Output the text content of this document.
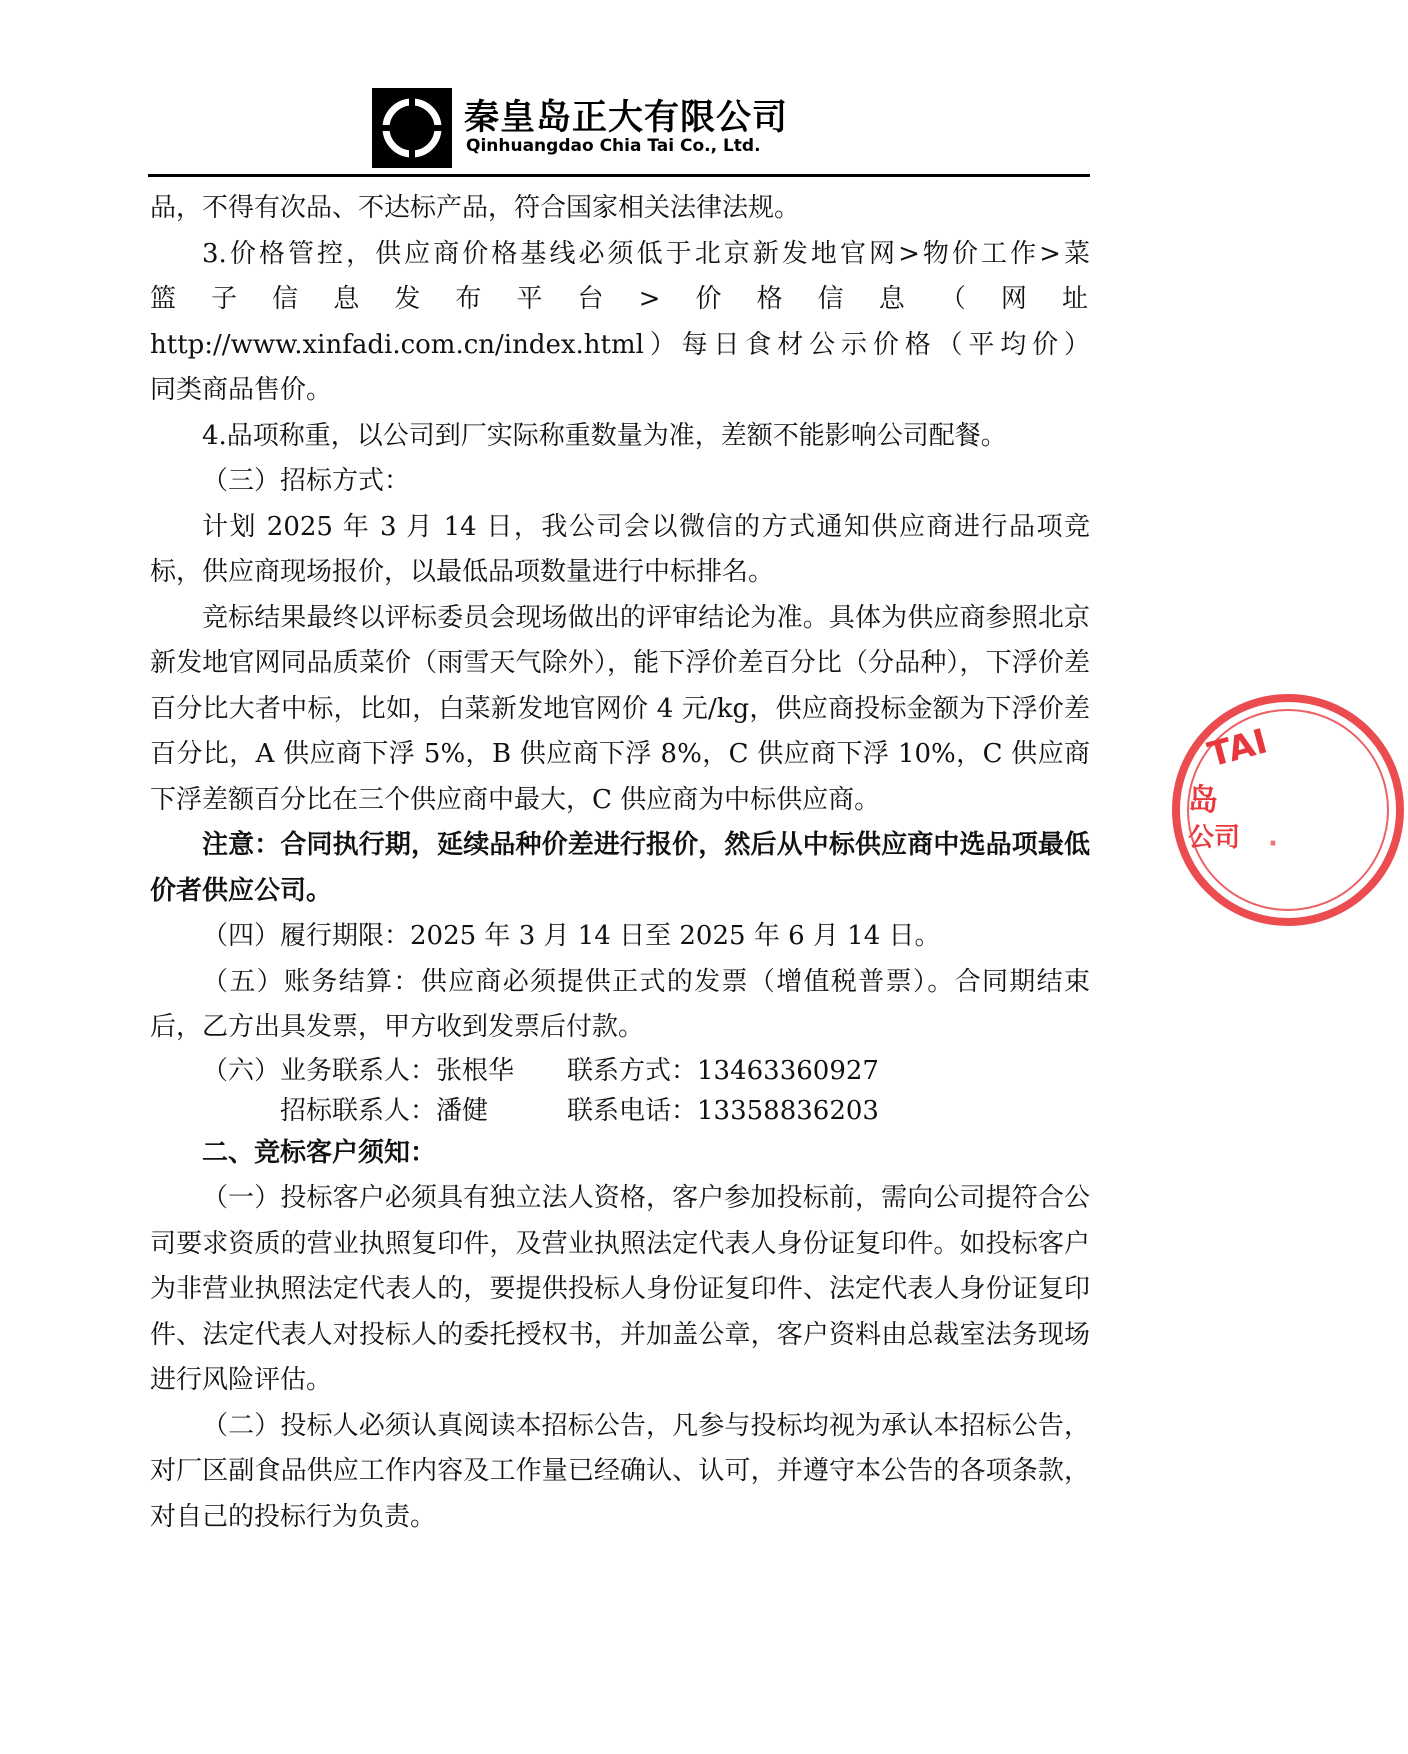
秦皇岛正大有限公司
Qinhuangdao Chia Tai Co., Ltd.

品，不得有次品、不达标产品，符合国家相关法律法规。

3.价格管控，供应商价格基线必须低于北京新发地官网>物价工作>菜

篮子信息发布平台>价格信息（网址

http://www.xinfadi.com.cn/index.html）每日食材公示价格（平均价）

同类商品售价。

4.品项称重，以公司到厂实际称重数量为准，差额不能影响公司配餐。

（三）招标方式：

计划 2025 年 3 月 14 日，我公司会以微信的方式通知供应商进行品项竞标，供应商现场报价，以最低品项数量进行中标排名。

竞标结果最终以评标委员会现场做出的评审结论为准。具体为供应商参照北京新发地官网同品质菜价（雨雪天气除外），能下浮价差百分比（分品种），下浮价差百分比大者中标，比如，白菜新发地官网价 4 元/kg，供应商投标金额为下浮价差百分比，A 供应商下浮 5%，B 供应商下浮 8%，C 供应商下浮 10%，C 供应商下浮差额百分比在三个供应商中最大，C 供应商为中标供应商。

注意：合同执行期，延续品种价差进行报价，然后从中标供应商中选品项最低价者供应公司。

（四）履行期限：2025 年 3 月 14 日至 2025 年 6 月 14 日。

（五）账务结算：供应商必须提供正式的发票（增值税普票）。合同期结束后，乙方出具发票，甲方收到发票后付款。

（六）业务联系人：张根华	联系方式：13463360927
招标联系人：潘健	联系电话：13358836203

二、竞标客户须知：

（一）投标客户必须具有独立法人资格，客户参加投标前，需向公司提符合公司要求资质的营业执照复印件，及营业执照法定代表人身份证复印件。如投标客户为非营业执照法定代表人的，要提供投标人身份证复印件、法定代表人身份证复印件、法定代表人对投标人的委托授权书，并加盖公章，客户资料由总裁室法务现场进行风险评估。

（二）投标人必须认真阅读本招标公告，凡参与投标均视为承认本招标公告，对厂区副食品供应工作内容及工作量已经确认、认可，并遵守本公告的各项条款，对自己的投标行为负责。

TAI
岛
公司 ·
